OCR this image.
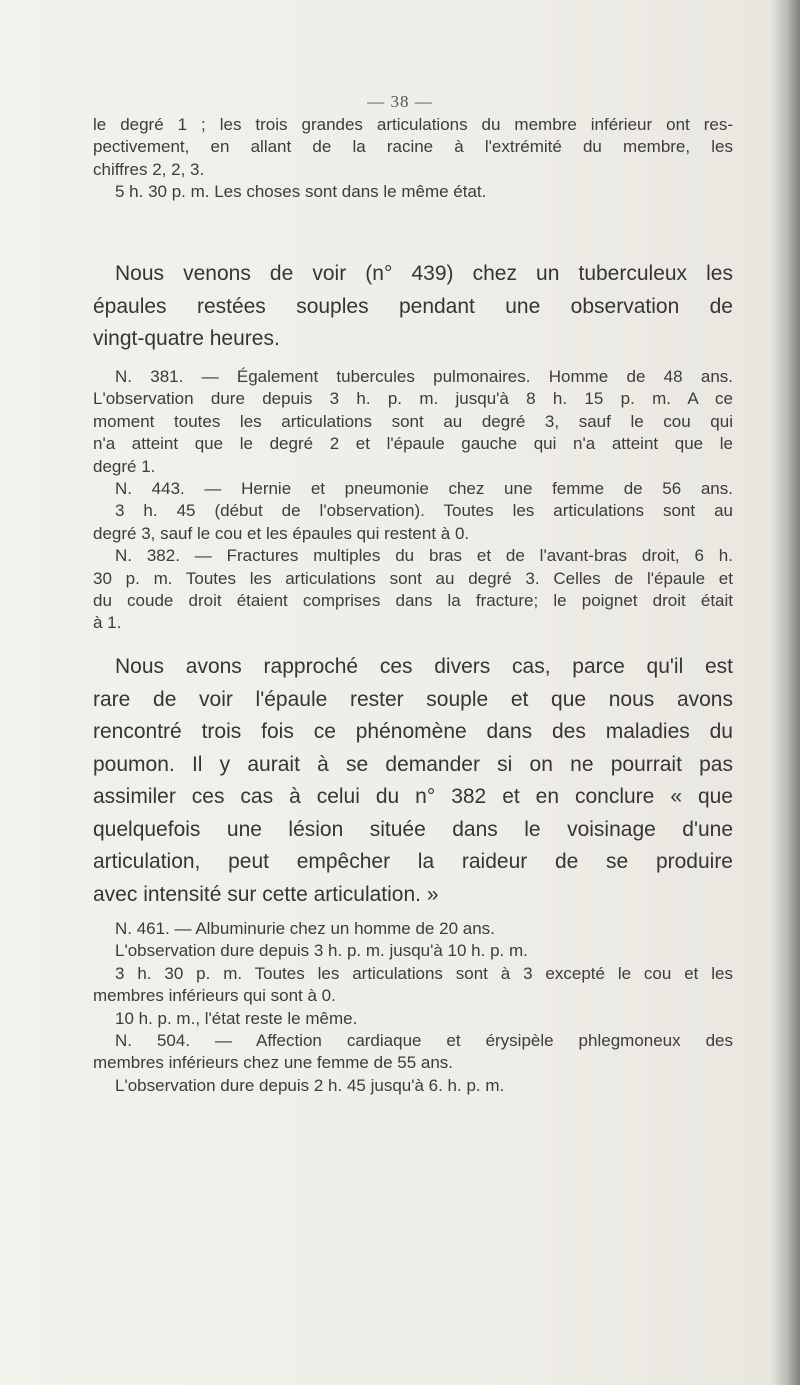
— 38 —
le degré 1 ; les trois grandes articulations du membre inférieur ont res-
pectivement, en allant de la racine à l'extrémité du membre, les
chiffres 2, 2, 3.
5 h. 30 p. m. Les choses sont dans le même état.
Nous venons de voir (n° 439) chez un tuberculeux les
épaules restées souples pendant une observation de
vingt-quatre heures.
N. 381. — Également tubercules pulmonaires. Homme de 48 ans.
L'observation dure depuis 3 h. p. m. jusqu'à 8 h. 15 p. m. A ce
moment toutes les articulations sont au degré 3, sauf le cou qui
n'a atteint que le degré 2 et l'épaule gauche qui n'a atteint que le
degré 1.
N. 443. — Hernie et pneumonie chez une femme de 56 ans.
3 h. 45 (début de l'observation). Toutes les articulations sont au
degré 3, sauf le cou et les épaules qui restent à 0.
N. 382. — Fractures multiples du bras et de l'avant-bras droit, 6 h.
30 p. m. Toutes les articulations sont au degré 3. Celles de l'épaule et
du coude droit étaient comprises dans la fracture; le poignet droit était
à 1.
Nous avons rapproché ces divers cas, parce qu'il est
rare de voir l'épaule rester souple et que nous avons
rencontré trois fois ce phénomène dans des maladies du
poumon. Il y aurait à se demander si on ne pourrait pas
assimiler ces cas à celui du n° 382 et en conclure « que
quelquefois une lésion située dans le voisinage d'une
articulation, peut empêcher la raideur de se produire
avec intensité sur cette articulation. »
N. 461. — Albuminurie chez un homme de 20 ans.
L'observation dure depuis 3 h. p. m. jusqu'à 10 h. p. m.
3 h. 30 p. m. Toutes les articulations sont à 3 excepté le cou et les
membres inférieurs qui sont à 0.
10 h. p. m., l'état reste le même.
N. 504. — Affection cardiaque et érysipèle phlegmoneux des
membres inférieurs chez une femme de 55 ans.
L'observation dure depuis 2 h. 45 jusqu'à 6. h. p. m.
